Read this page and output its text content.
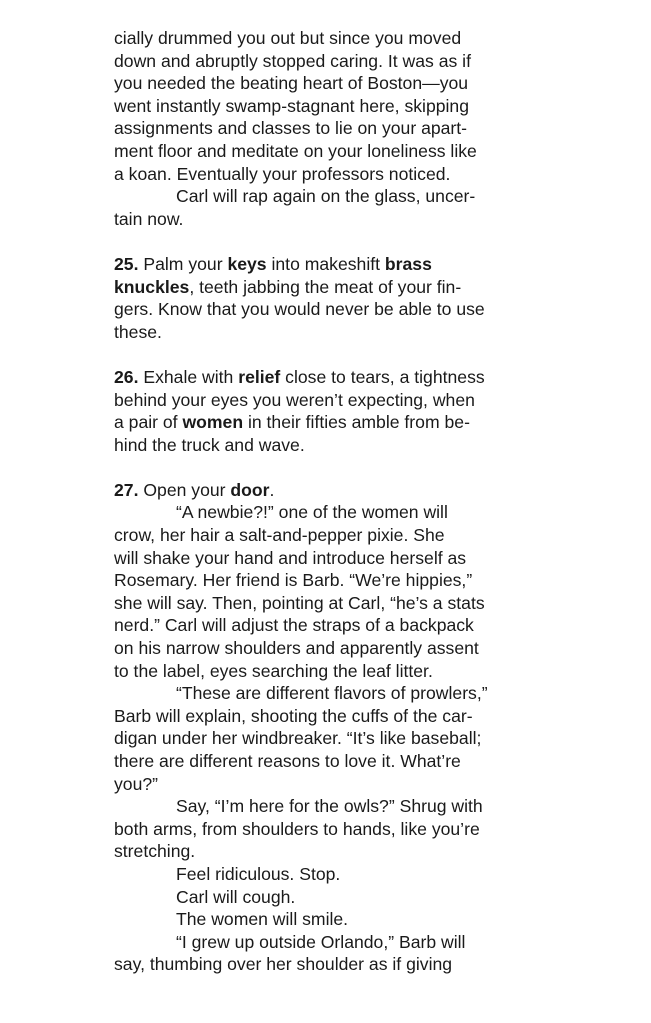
cially drummed you out but since you moved
down and abruptly stopped caring. It was as if
you needed the beating heart of Boston—you
went instantly swamp-stagnant here, skipping
assignments and classes to lie on your apart-
ment floor and meditate on your loneliness like
a koan. Eventually your professors noticed.
Carl will rap again on the glass, uncer-
tain now.
25. Palm your keys into makeshift brass
knuckles, teeth jabbing the meat of your fin-
gers. Know that you would never be able to use
these.
26. Exhale with relief close to tears, a tightness
behind your eyes you weren’t expecting, when
a pair of women in their fifties amble from be-
hind the truck and wave.
27. Open your door.
“A newbie?!” one of the women will
crow, her hair a salt-and-pepper pixie. She
will shake your hand and introduce herself as
Rosemary. Her friend is Barb. “We’re hippies,”
she will say. Then, pointing at Carl, “he’s a stats
nerd.” Carl will adjust the straps of a backpack
on his narrow shoulders and apparently assent
to the label, eyes searching the leaf litter.
“These are different flavors of prowlers,”
Barb will explain, shooting the cuffs of the car-
digan under her windbreaker. “It’s like baseball;
there are different reasons to love it. What’re
you?”
Say, “I’m here for the owls?” Shrug with
both arms, from shoulders to hands, like you’re
stretching.
Feel ridiculous. Stop.
Carl will cough.
The women will smile.
“I grew up outside Orlando,” Barb will
say, thumbing over her shoulder as if giving
